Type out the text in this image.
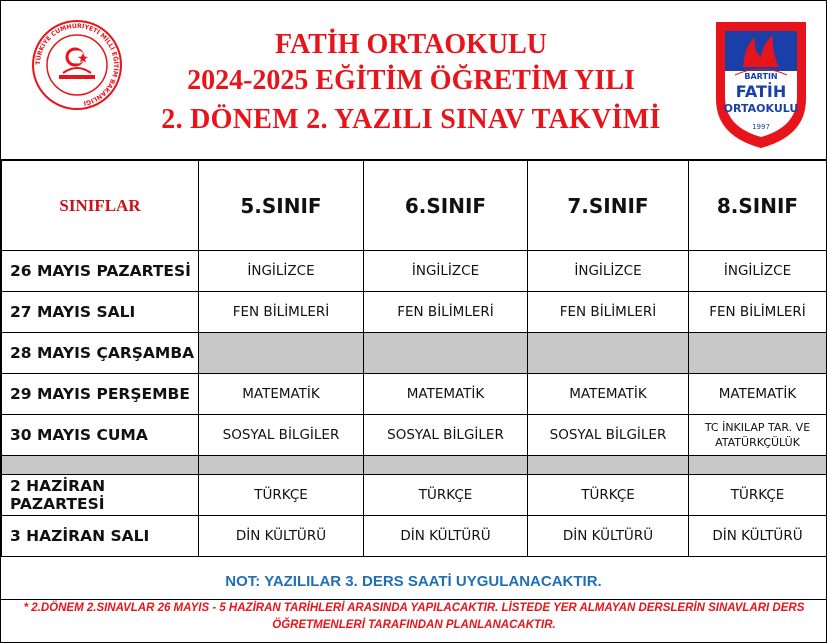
TÜRKİYE CUMHURİYETİ MİLLİ EĞİTİM BAKANLIĞI
FATİH ORTAOKULU
2024-2025 EĞİTİM ÖĞRETİM YILI
2. DÖNEM 2. YAZILI SINAV TAKVİMİ
BARTIN
FATİH
ORTAOKULU
1997
SINIFLAR	5.SINIF	6.SINIF	7.SINIF	8.SINIF
26 MAYIS PAZARTESİ	İNGİLİZCE	İNGİLİZCE	İNGİLİZCE	İNGİLİZCE
27 MAYIS SALI	FEN BİLİMLERİ	FEN BİLİMLERİ	FEN BİLİMLERİ	FEN BİLİMLERİ
28 MAYIS ÇARŞAMBA				
29 MAYIS PERŞEMBE	MATEMATİK	MATEMATİK	MATEMATİK	MATEMATİK
30 MAYIS CUMA	SOSYAL BİLGİLER	SOSYAL BİLGİLER	SOSYAL BİLGİLER	TC İNKILAP TAR. VE ATATÜRKÇÜLÜK

2 HAZİRAN PAZARTESİ	TÜRKÇE	TÜRKÇE	TÜRKÇE	TÜRKÇE
3 HAZİRAN SALI	DİN KÜLTÜRÜ	DİN KÜLTÜRÜ	DİN KÜLTÜRÜ	DİN KÜLTÜRÜ
NOT: YAZILILAR 3. DERS SAATİ UYGULANACAKTIR.
* 2.DÖNEM 2.SINAVLAR 26 MAYIS - 5 HAZİRAN TARİHLERİ ARASINDA YAPILACAKTIR. LİSTEDE YER ALMAYAN DERSLERİN SINAVLARI DERS ÖĞRETMENLERİ TARAFINDAN PLANLANACAKTIR.
